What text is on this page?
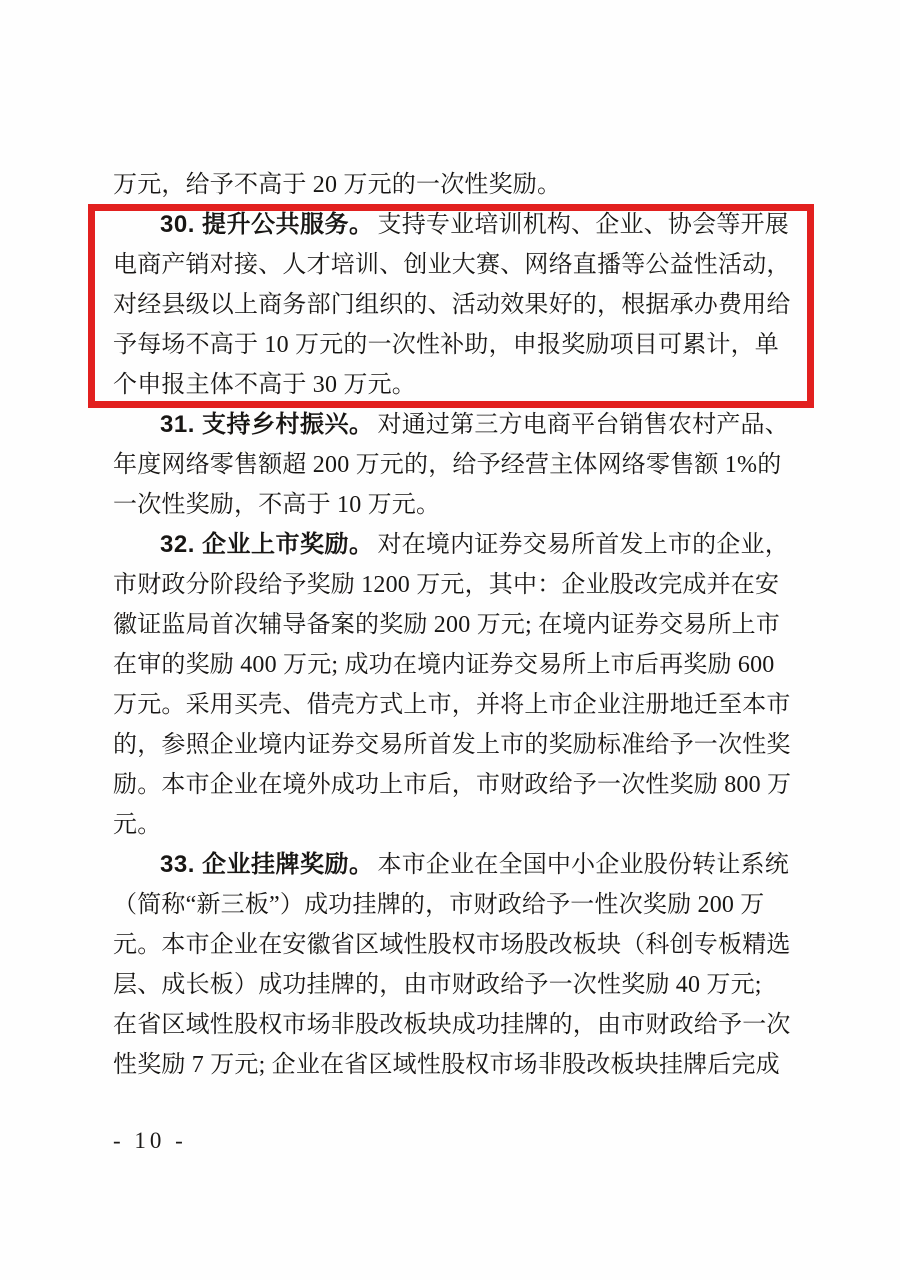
万元，给予不高于 20 万元的一次性奖励。
30. 提升公共服务。 支持专业培训机构、企业、协会等开展
电商产销对接、人才培训、创业大赛、网络直播等公益性活动，
对经县级以上商务部门组织的、活动效果好的，根据承办费用给
予每场不高于 10 万元的一次性补助，申报奖励项目可累计，单
个申报主体不高于 30 万元。
31. 支持乡村振兴。 对通过第三方电商平台销售农村产品、
年度网络零售额超 200 万元的，给予经营主体网络零售额 1%的
一次性奖励，不高于 10 万元。
32. 企业上市奖励。 对在境内证券交易所首发上市的企业，
市财政分阶段给予奖励 1200 万元，其中：企业股改完成并在安
徽证监局首次辅导备案的奖励 200 万元; 在境内证券交易所上市
在审的奖励 400 万元; 成功在境内证券交易所上市后再奖励 600
万元。采用买壳、借壳方式上市，并将上市企业注册地迁至本市
的，参照企业境内证券交易所首发上市的奖励标准给予一次性奖
励。本市企业在境外成功上市后，市财政给予一次性奖励 800 万
元。
33. 企业挂牌奖励。 本市企业在全国中小企业股份转让系统
（简称“新三板”）成功挂牌的，市财政给予一性次奖励 200 万
元。本市企业在安徽省区域性股权市场股改板块（科创专板精选
层、成长板）成功挂牌的，由市财政给予一次性奖励 40 万元;
在省区域性股权市场非股改板块成功挂牌的，由市财政给予一次
性奖励 7 万元; 企业在省区域性股权市场非股改板块挂牌后完成
- 10 -
